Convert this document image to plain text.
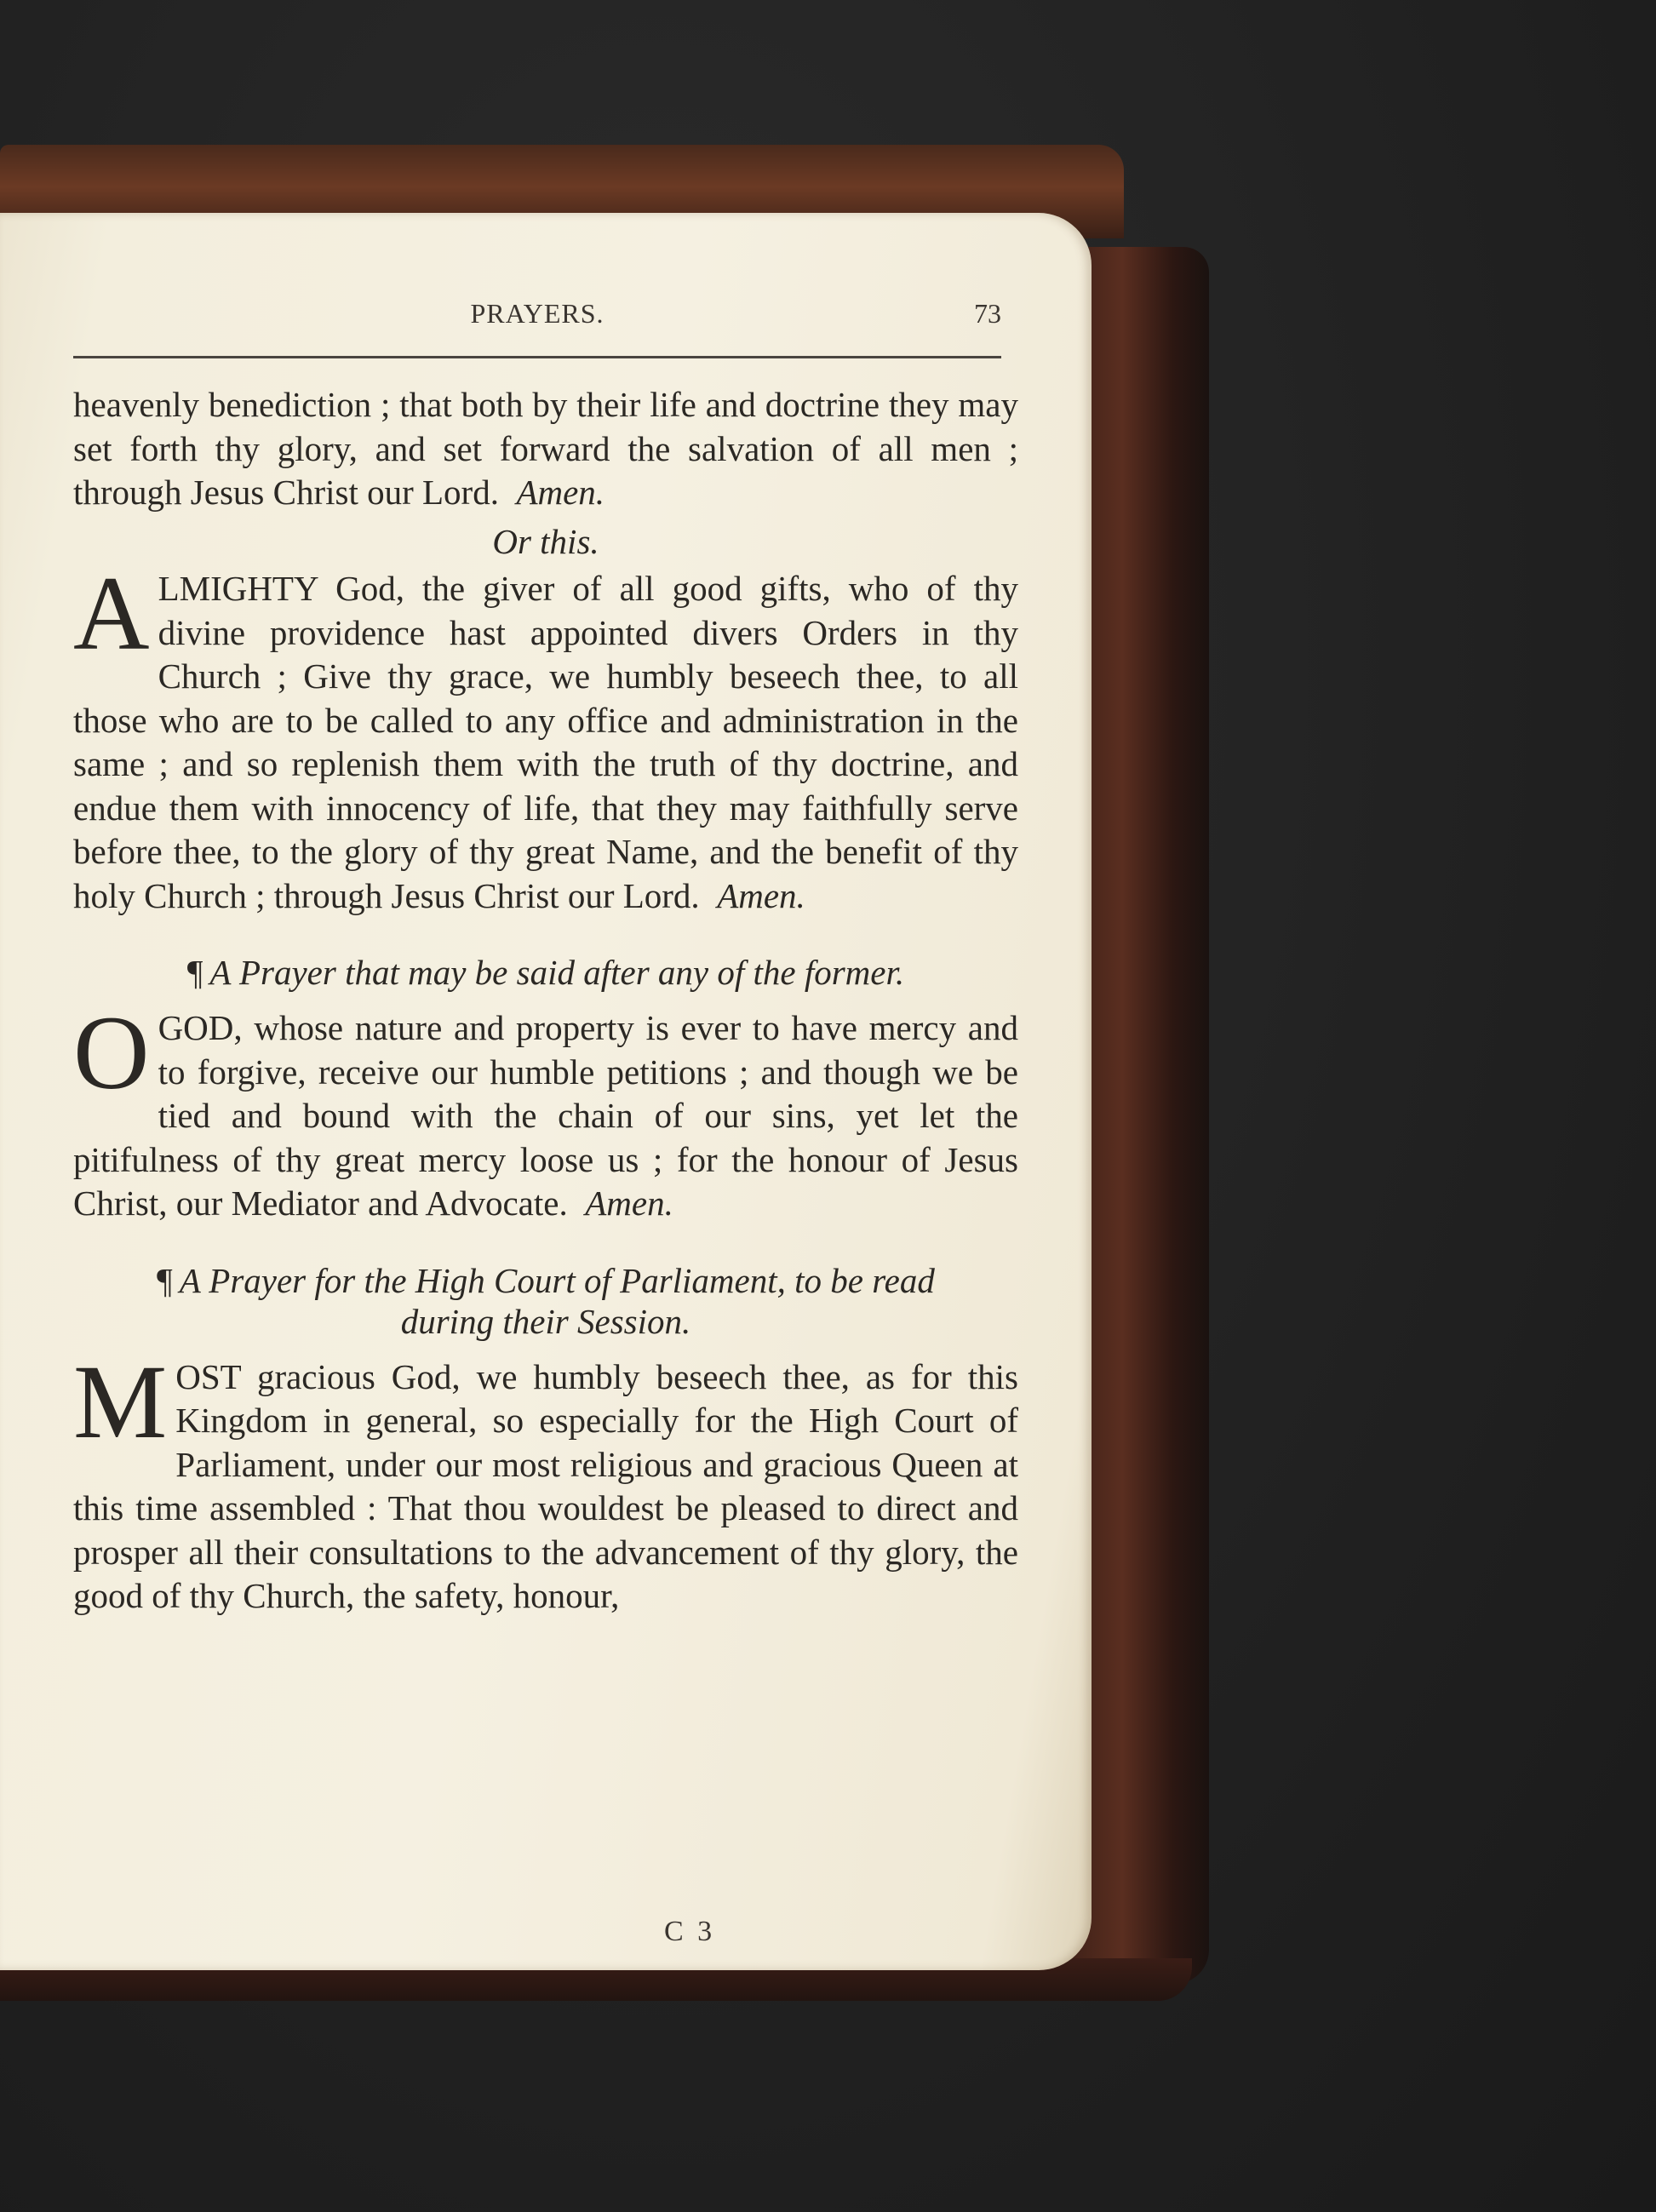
PRAYERS.	73

heavenly benediction ; that both by their life and doctrine they may set forth thy glory, and set forward the salvation of all men ; through Jesus Christ our Lord. Amen.

Or this.

ALMIGHTY God, the giver of all good gifts, who of thy divine providence hast appointed divers Orders in thy Church ; Give thy grace, we humbly beseech thee, to all those who are to be called to any office and administration in the same ; and so replenish them with the truth of thy doctrine, and endue them with innocency of life, that they may faithfully serve before thee, to the glory of thy great Name, and the benefit of thy holy Church ; through Jesus Christ our Lord. Amen.

¶ A Prayer that may be said after any of the former.

OGOD, whose nature and property is ever to have mercy and to forgive, receive our humble petitions ; and though we be tied and bound with the chain of our sins, yet let the pitifulness of thy great mercy loose us ; for the honour of Jesus Christ, our Mediator and Advocate. Amen.

¶ A Prayer for the High Court of Parliament, to be read during their Session.

MOST gracious God, we humbly beseech thee, as for this Kingdom in general, so especially for the High Court of Parliament, under our most religious and gracious Queen at this time assembled : That thou wouldest be pleased to direct and prosper all their consultations to the advancement of thy glory, the good of thy Church, the safety, honour,

C 3
